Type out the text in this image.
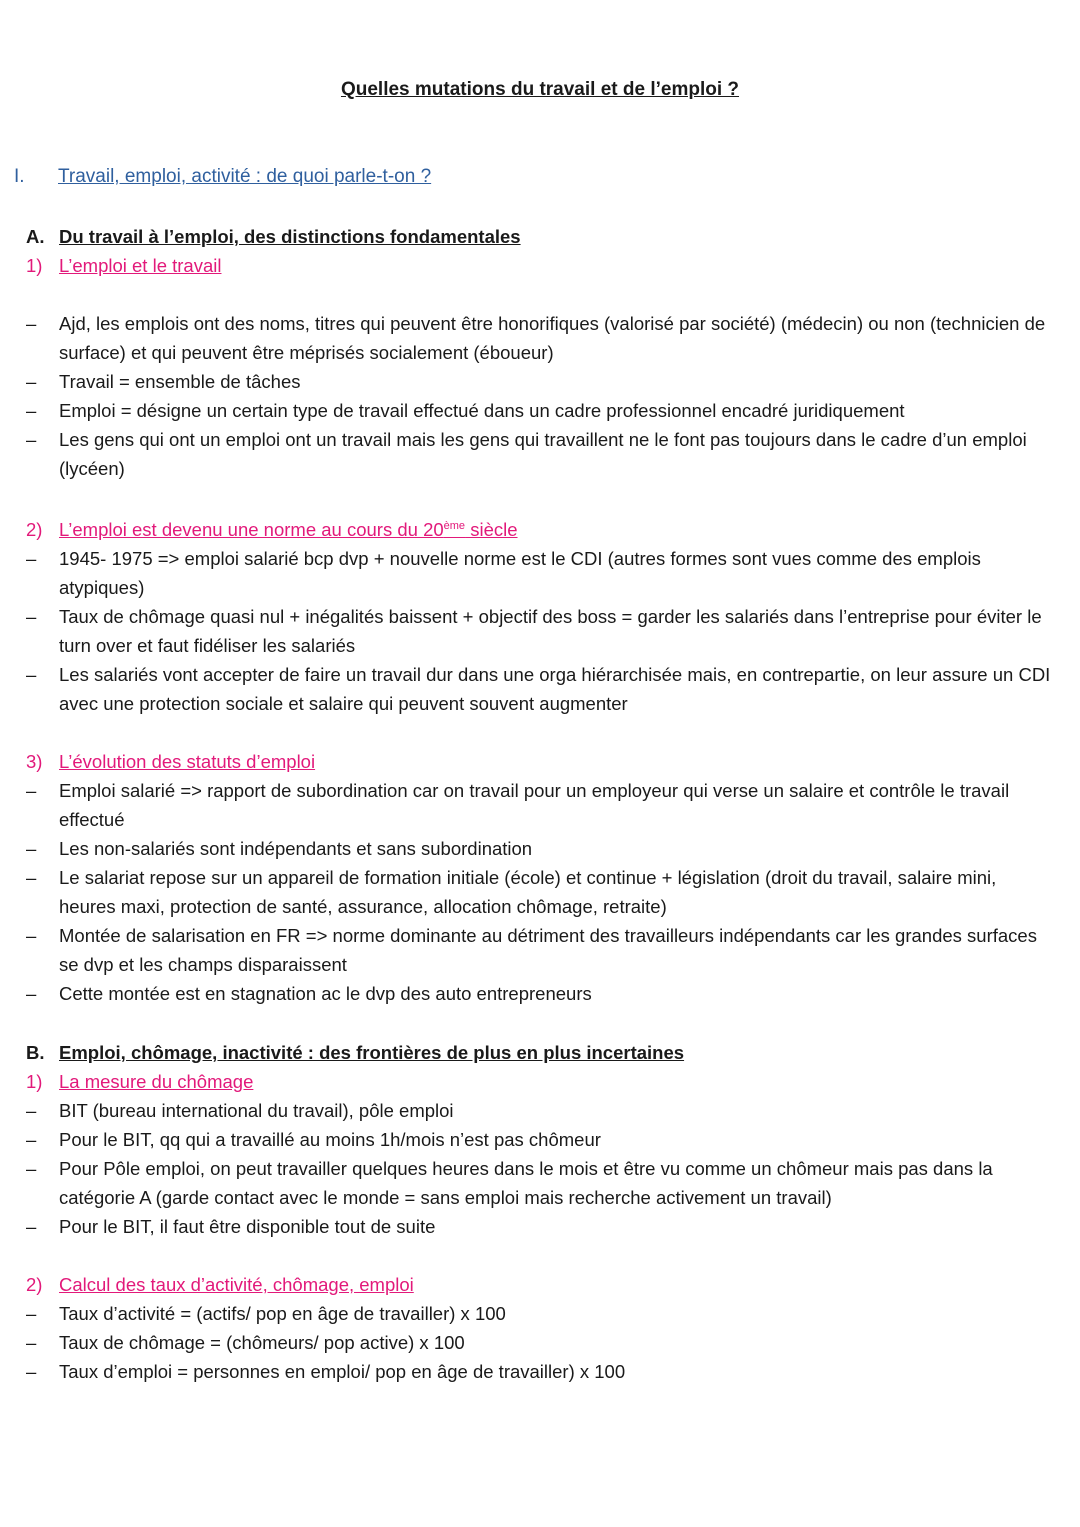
Quelles mutations du travail et de l’emploi ?
I. Travail, emploi, activité : de quoi parle-t-on ?
A. Du travail à l’emploi, des distinctions fondamentales
1) L’emploi et le travail
– Ajd, les emplois ont des noms, titres qui peuvent être honorifiques (valorisé par société) (médecin) ou non (technicien de surface) et qui peuvent être méprisés socialement (éboueur)
– Travail = ensemble de tâches
– Emploi = désigne un certain type de travail effectué dans un cadre professionnel encadré juridiquement
– Les gens qui ont un emploi ont un travail mais les gens qui travaillent ne le font pas toujours dans le cadre d’un emploi (lycéen)
2) L’emploi est devenu une norme au cours du 20ème siècle
– 1945- 1975 => emploi salarié bcp dvp + nouvelle norme est le CDI (autres formes sont vues comme des emplois atypiques)
– Taux de chômage quasi nul + inégalités baissent + objectif des boss = garder les salariés dans l’entreprise pour éviter le turn over et faut fidéliser les salariés
– Les salariés vont accepter de faire un travail dur dans une orga hiérarchisée mais, en contrepartie, on leur assure un CDI avec une protection sociale et salaire qui peuvent souvent augmenter
3) L’évolution des statuts d’emploi
– Emploi salarié => rapport de subordination car on travail pour un employeur qui verse un salaire et contrôle le travail effectué
– Les non-salariés sont indépendants et sans subordination
– Le salariat repose sur un appareil de formation initiale (école) et continue + législation (droit du travail, salaire mini, heures maxi, protection de santé, assurance, allocation chômage, retraite)
– Montée de salarisation en FR => norme dominante au détriment des travailleurs indépendants car les grandes surfaces se dvp et les champs disparaissent
– Cette montée est en stagnation ac le dvp des auto entrepreneurs
B. Emploi, chômage, inactivité : des frontières de plus en plus incertaines
1) La mesure du chômage
– BIT (bureau international du travail), pôle emploi
– Pour le BIT, qq qui a travaillé au moins 1h/mois n’est pas chômeur
– Pour Pôle emploi, on peut travailler quelques heures dans le mois et être vu comme un chômeur mais pas dans la catégorie A (garde contact avec le monde = sans emploi mais recherche activement un travail)
– Pour le BIT, il faut être disponible tout de suite
2) Calcul des taux d’activité, chômage, emploi
– Taux d’activité = (actifs/ pop en âge de travailler) x 100
– Taux de chômage = (chômeurs/ pop active) x 100
– Taux d’emploi = personnes en emploi/ pop en âge de travailler) x 100
